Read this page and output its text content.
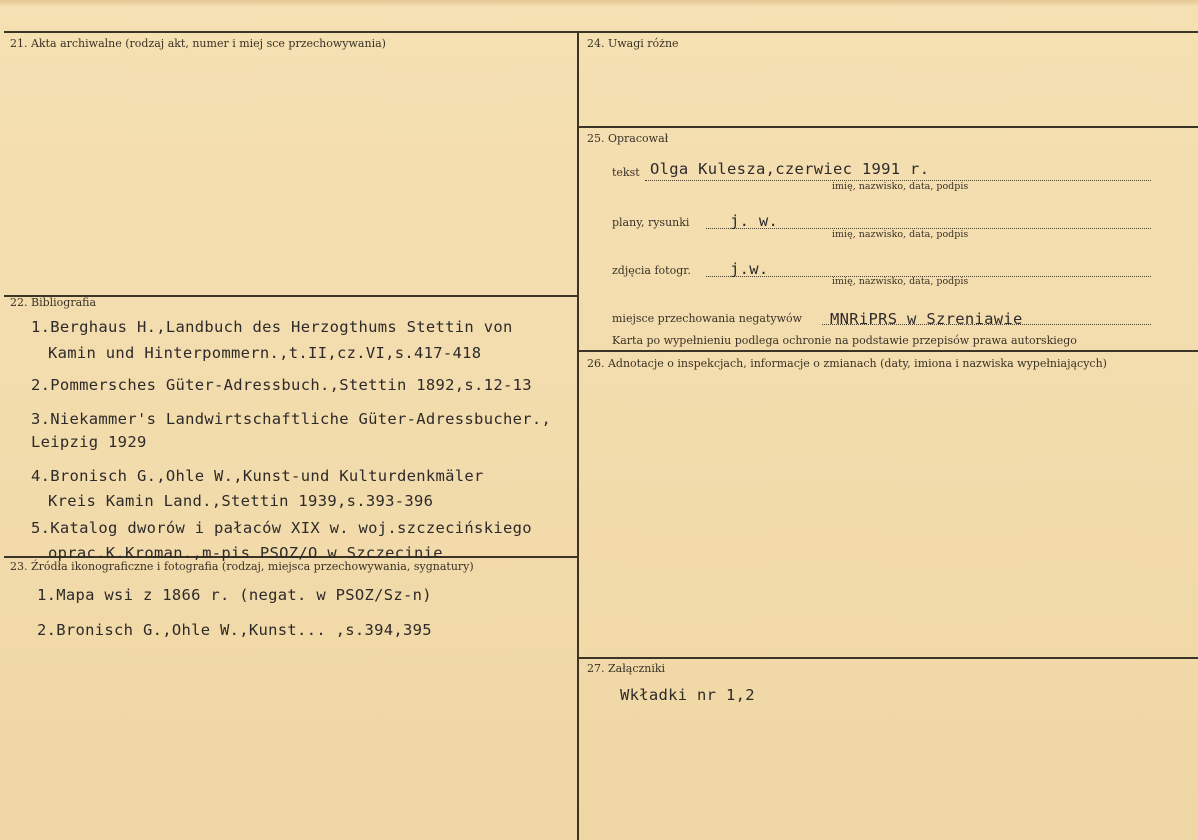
21. Akta archiwalne (rodzaj akt, numer i miej sce przechowywania)
22. Bibliografia
1.Berghaus H.,Landbuch des Herzogthums Stettin von
Kamin und Hinterpommern.,t.II,cz.VI,s.417-418
2.Pommersches Güter-Adressbuch.,Stettin 1892,s.12-13
3.Niekammer's Landwirtschaftliche Güter-Adressbucher.,
Leipzig 1929
4.Bronisch G.,Ohle W.,Kunst-und Kulturdenkmäler
Kreis Kamin Land.,Stettin 1939,s.393-396
5.Katalog dworów i pałaców XIX w. woj.szczecińskiego
oprac.K.Kroman.,m-pis PSOZ/O w Szczecinie
23. Źródła ikonograficzne i fotografia (rodzaj, miejsca przechowywania, sygnatury)
1.Mapa wsi z 1866 r. (negat. w PSOZ/Sz-n)
2.Bronisch G.,Ohle W.,Kunst... ,s.394,395
24. Uwagi różne
25. Opracował
tekst Olga Kulesza,czerwiec 1991 r.
imię, nazwisko, data, podpis
plany, rysunki	j. w.
imię, nazwisko, data, podpis
zdjęcia fotogr.	j.w.
imię, nazwisko, data, podpis
miejsce przechowania negatywów MNRiPRS w Szreniawie
Karta po wypełnieniu podlega ochronie na podstawie przepisów prawa autorskiego
26. Adnotacje o inspekcjach, informacje o zmianach (daty, imiona i nazwiska wypełniających)
27. Załączniki
Wkładki nr 1,2
